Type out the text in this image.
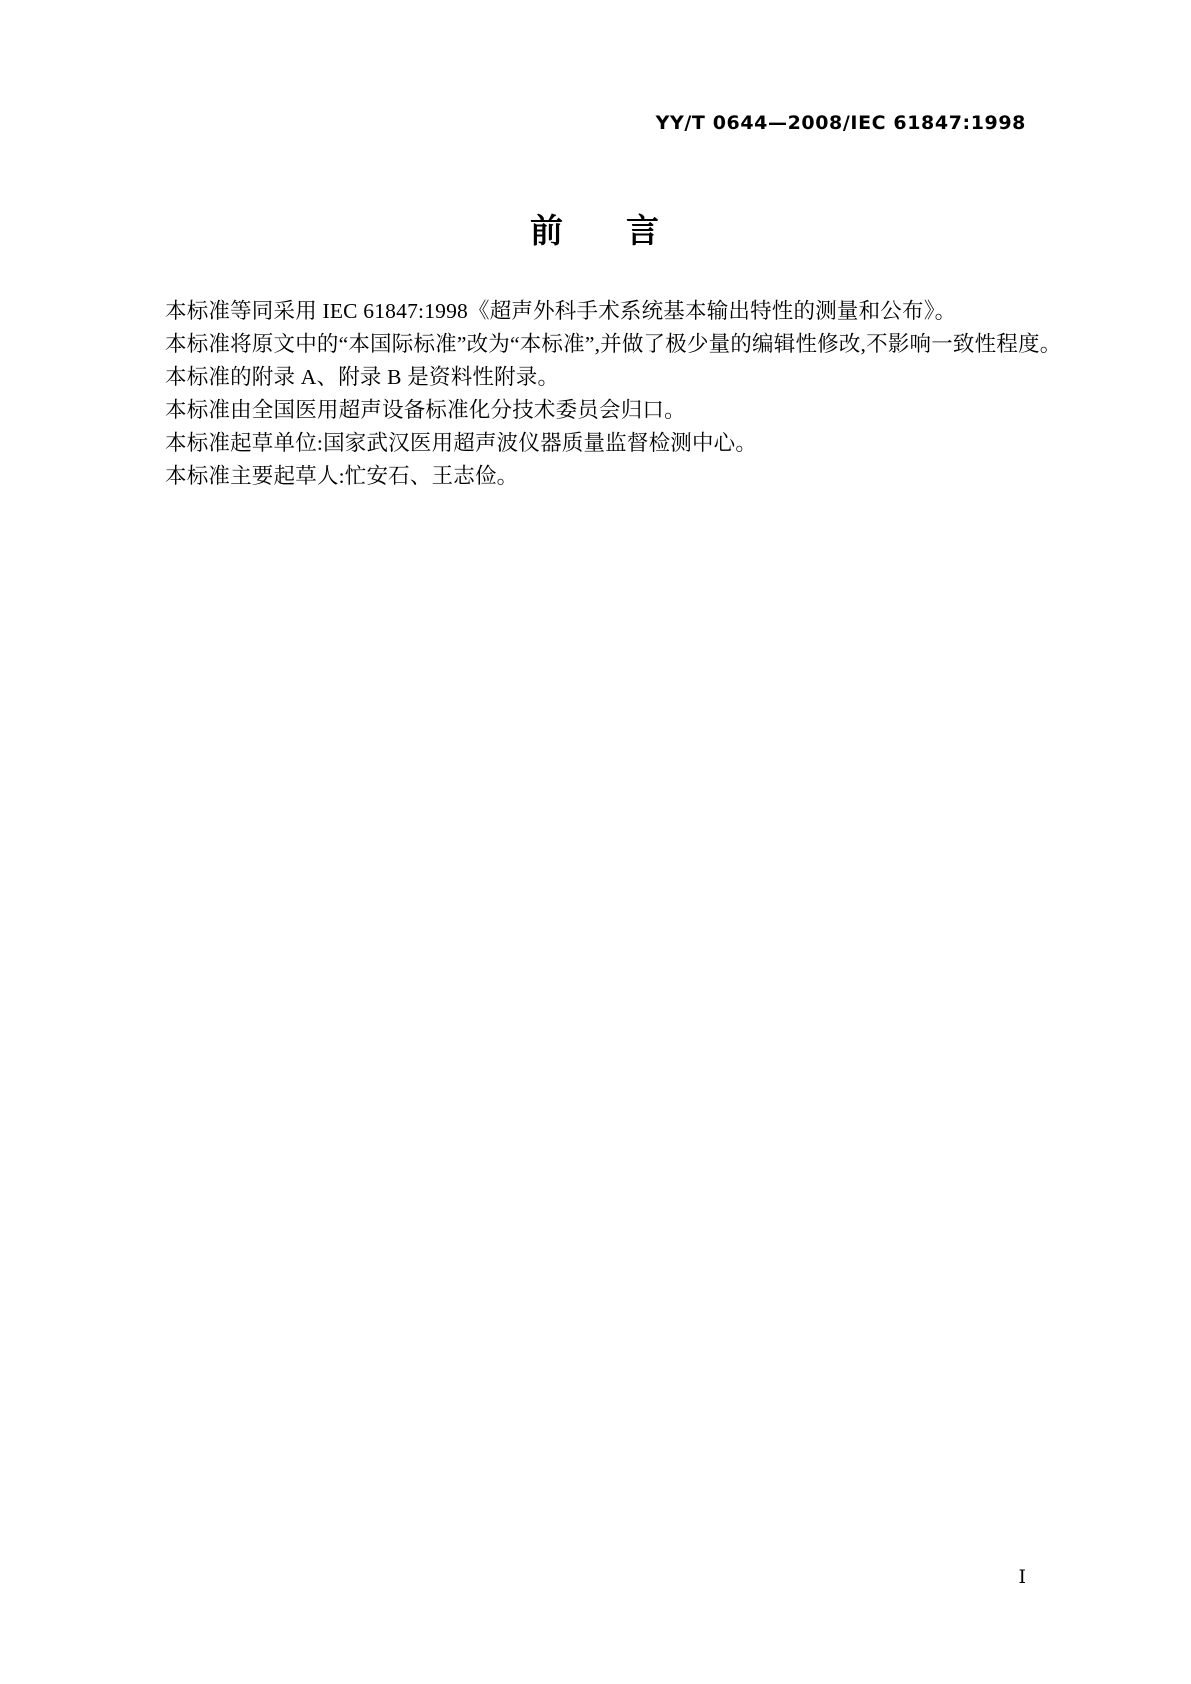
YY/T 0644—2008/IEC 61847:1998
前 言

本标准等同采用 IEC 61847:1998《超声外科手术系统基本输出特性的测量和公布》。

本标准将原文中的“本国际标准”改为“本标准”,并做了极少量的编辑性修改,不影响一致性程度。

本标准的附录 A、附录 B 是资料性附录。

本标准由全国医用超声设备标准化分技术委员会归口。

本标准起草单位:国家武汉医用超声波仪器质量监督检测中心。

本标准主要起草人:忙安石、王志俭。

I
